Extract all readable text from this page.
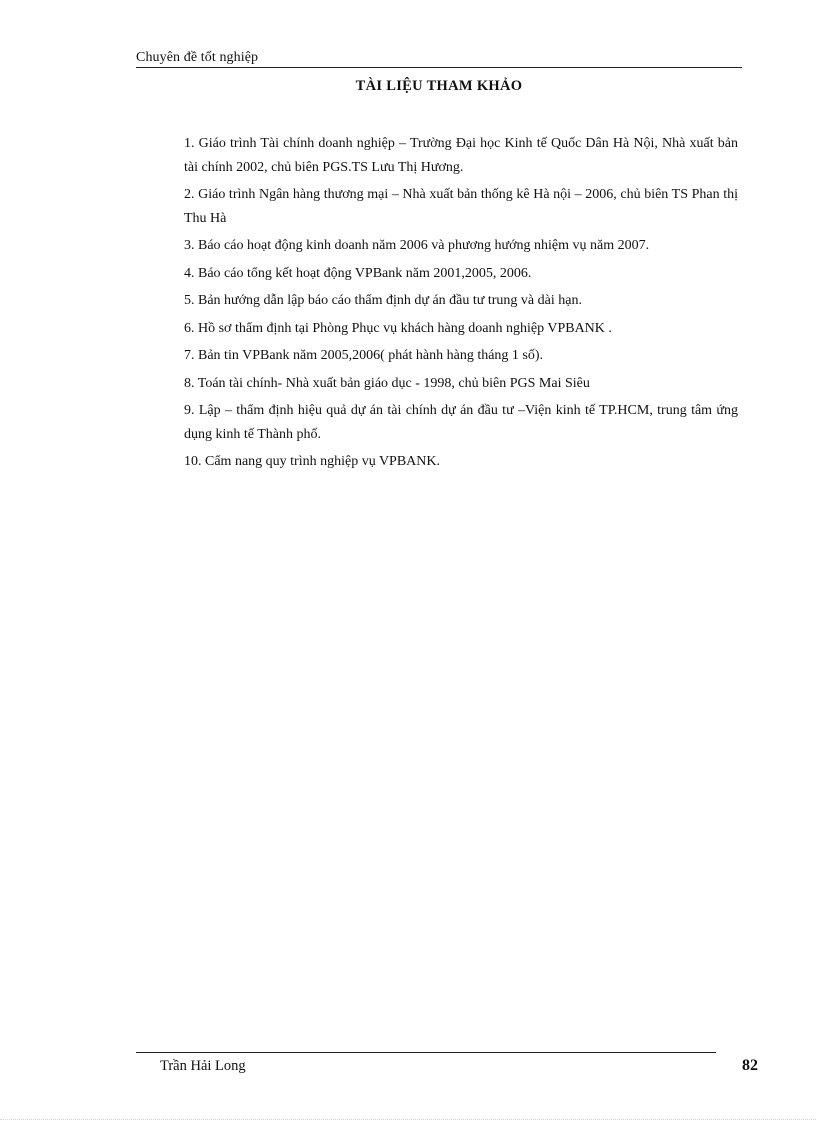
Chuyên đề tốt nghiệp
TÀI LIỆU THAM KHẢO
1. Giáo trình Tài chính doanh nghiệp – Trường Đại học Kinh tế Quốc Dân Hà Nội, Nhà xuất bản tài chính 2002, chủ biên PGS.TS Lưu Thị Hương.
2. Giáo trình Ngân hàng thương mại – Nhà xuất bản thống kê Hà nội – 2006, chủ biên TS Phan thị Thu Hà
3. Báo cáo hoạt động kinh doanh năm 2006 và phương hướng nhiệm vụ năm 2007.
4. Báo cáo tổng kết hoạt động VPBank năm 2001,2005, 2006.
5. Bản hướng dẫn lập báo cáo thẩm định dự án đầu tư trung và dài hạn.
6. Hồ sơ thẩm định tại Phòng Phục vụ khách hàng doanh nghiệp VPBANK .
7. Bản tin VPBank năm 2005,2006( phát hành hàng tháng 1 số).
8. Toán tài chính- Nhà xuất bản giáo dục - 1998, chủ biên PGS Mai Siêu
9. Lập – thẩm định hiệu quả dự án tài chính dự án đầu tư –Viện kinh tế TP.HCM, trung tâm ứng dụng kinh tế Thành phố.
10. Cẩm nang quy trình nghiệp vụ VPBANK.
Trần Hải Long	82
